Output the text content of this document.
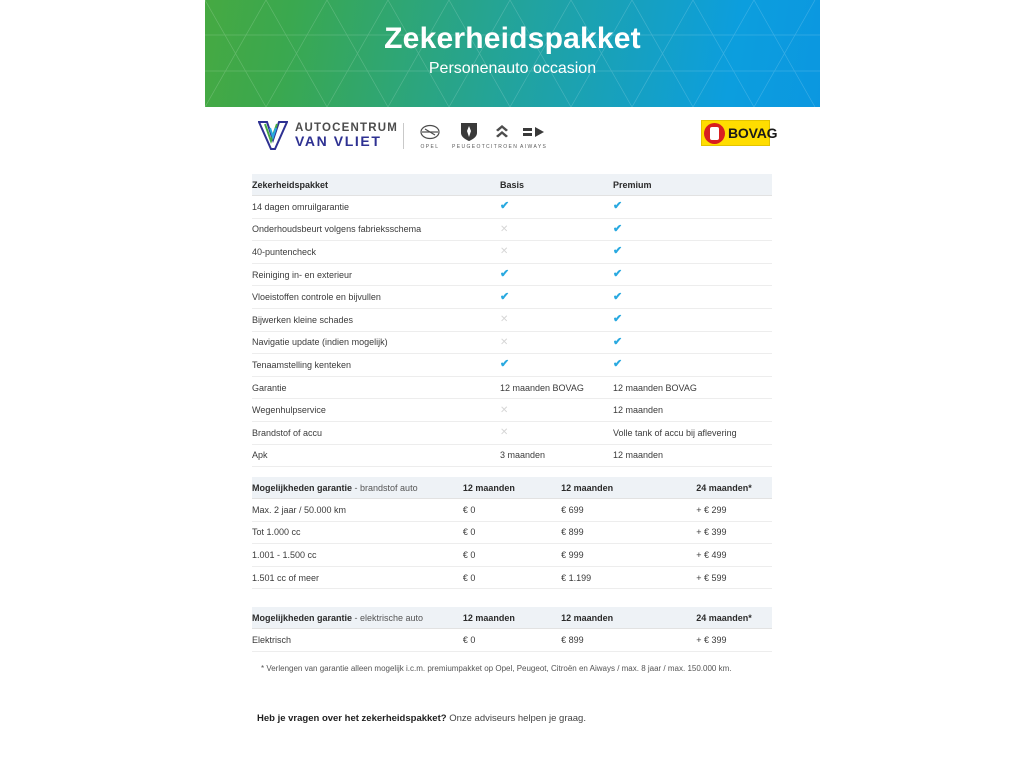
Zekerheidspakket
Personenauto occasion
AUTOCENTRUM
VAN VLIET	OPEL	PEUGEOT CITROEN AIWAYS
BOVAG
Zekerheidspakket	Basis	Premium
14 dagen omruilgarantie	✔	✔
Onderhoudsbeurt volgens fabrieksschema	✕	✔
40-puntencheck	✕	✔
Reiniging in- en exterieur	✔	✔
Vloeistoffen controle en bijvullen	✔	✔
Bijwerken kleine schades	✕	✔
Navigatie update (indien mogelijk)	✕	✔
Tenaamstelling kenteken	✔	✔
Garantie	12 maanden BOVAG	12 maanden BOVAG
Wegenhulpservice	✕	12 maanden
Brandstof of accu	✕	Volle tank of accu bij aflevering
Apk	3 maanden	12 maanden
Mogelijkheden garantie - brandstof auto	12 maanden	12 maanden	24 maanden*
Max. 2 jaar / 50.000 km	€ 0	€ 699	+ € 299
Tot 1.000 cc	€ 0	€ 899	+ € 399
1.001 - 1.500 cc	€ 0	€ 999	+ € 499
1.501 cc of meer	€ 0	€ 1.199	+ € 599
Mogelijkheden garantie - elektrische auto	12 maanden	12 maanden	24 maanden*
Elektrisch	€ 0	€ 899	+ € 399
* Verlengen van garantie alleen mogelijk i.c.m. premiumpakket op Opel, Peugeot, Citroën en Aiways / max. 8 jaar / max. 150.000 km.
Heb je vragen over het zekerheidspakket? Onze adviseurs helpen je graag.
